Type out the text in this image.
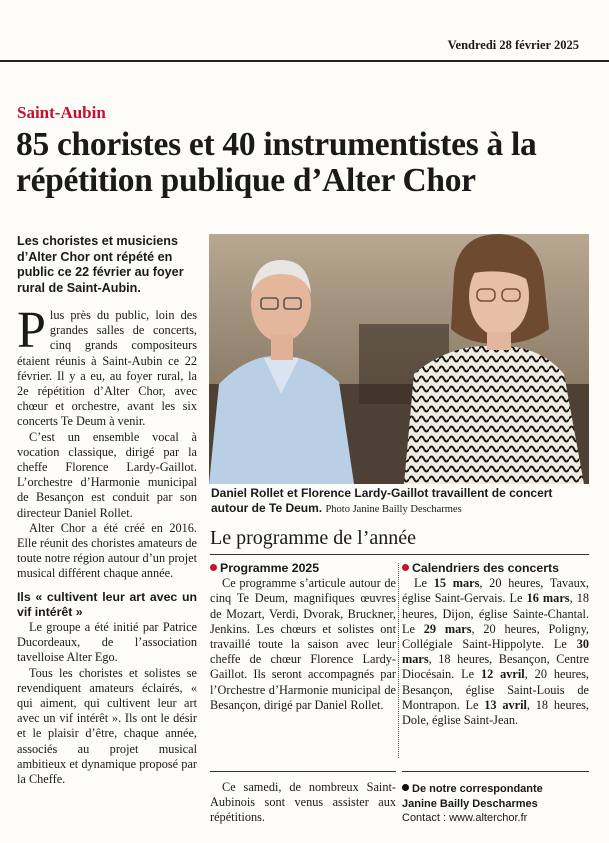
Vendredi 28 février 2025
Saint-Aubin
85 choristes et 40 instrumentistes à la répétition publique d’Alter Chor
Les choristes et musiciens d’Alter Chor ont répété en public ce 22 février au foyer rural de Saint-Aubin.

Plus près du public, loin des grandes salles de concerts, cinq grands compositeurs étaient réunis à Saint-Aubin ce 22 février. Il y a eu, au foyer rural, la 2e répétition d’Alter Chor, avec chœur et orchestre, avant les six concerts Te Deum à venir.

C’est un ensemble vocal à vocation classique, dirigé par la cheffe Florence Lardy-Gaillot. L’orchestre d’Harmonie municipal de Besançon est conduit par son directeur Daniel Rollet.

Alter Chor a été créé en 2016. Elle réunit des choristes amateurs de toute notre région autour d’un projet musical différent chaque année.

Ils « cultivent leur art avec un vif intérêt »

Le groupe a été initié par Patrice Ducordeaux, de l’association tavelloise Alter Ego.

Tous les choristes et solistes se revendiquent amateurs éclairés, « qui aiment, qui cultivent leur art avec un vif intérêt ». Ils ont le désir et le plaisir d’être, chaque année, associés au projet musical ambitieux et dynamique proposé par la Cheffe.

Daniel Rollet et Florence Lardy-Gaillot travaillent de concert autour de Te Deum. Photo Janine Bailly Descharmes
Le programme de l’année

Programme 2025

Ce programme s’articule autour de cinq Te Deum, magnifiques œuvres de Mozart, Verdi, Dvorak, Bruckner, Jenkins. Les chœurs et solistes ont travaillé toute la saison avec leur cheffe de chœur Florence Lardy-Gaillot. Ils seront accompagnés par l’Orchestre d’Harmonie municipal de Besançon, dirigé par Daniel Rollet.

Calendriers des concerts

Le 15 mars, 20 heures, Tavaux, église Saint-Gervais. Le 16 mars, 18 heures, Dijon, église Sainte-Chantal. Le 29 mars, 20 heures, Poligny, Collégiale Saint-Hippolyte. Le 30 mars, 18 heures, Besançon, Centre Diocésain. Le 12 avril, 20 heures, Besançon, église Saint-Louis de Montrapon. Le 13 avril, 18 heures, Dole, église Saint-Jean.

Ce samedi, de nombreux Saint-Aubinois sont venus assister aux répétitions.

De notre correspondante

Janine Bailly Descharmes

Contact : www.alterchor.fr
